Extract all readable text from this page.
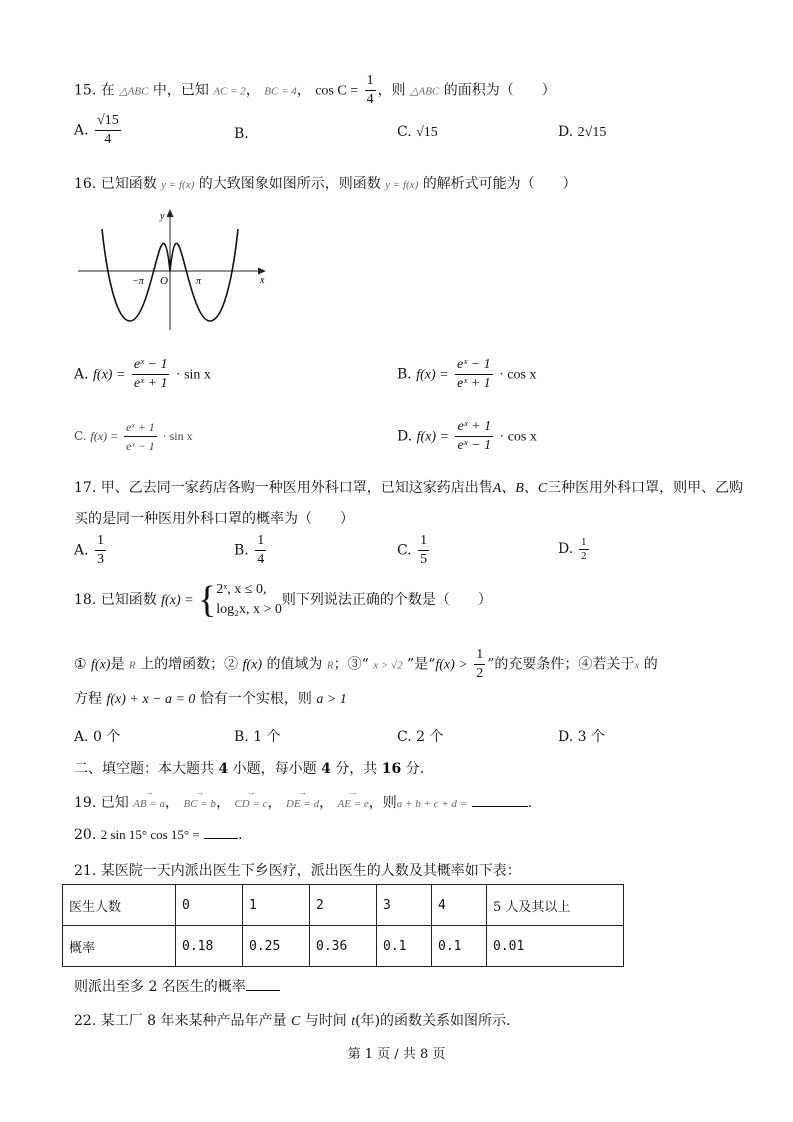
15. 在 △ABC 中，已知 AC = 2， BC = 4， $\cos C = \frac{1}{4}$ ，则 △ABC 的面积为（　　）
A. $\frac{√15}{4}$	B.	C. √15	D. 2√15
16. 已知函数 y = f(x) 的大致图象如图所示，则函数 y = f(x) 的解析式可能为（　　）
y
x
O
−π	π
A. $f(x) = \frac{\text{eˣ − 1}}{\text{eˣ + 1}} \cdot \sin x$	B. $f(x) = \frac{\text{eˣ − 1}}{\text{eˣ + 1}} \cdot \cos x$
C. $f(x) = \frac{\text{eˣ + 1}}{\text{eˣ − 1}} \cdot \sin x$	D. $f(x) = \frac{\text{eˣ + 1}}{\text{eˣ − 1}} \cdot \cos x$
17. 甲、乙去同一家药店各购一种医用外科口罩，已知这家药店出售A、B、C三种医用外科口罩，则甲、乙购
买的是同一种医用外科口罩的概率为（　　）
A. $\frac{1}{3}$	B. $\frac{1}{4}$	C. $\frac{1}{5}$	D. $\frac{1}{2}$
18. 已知函数 f(x) = { 2ˣ, x ≤ 0,
log₂x, x > 0
则下列说法正确的个数是（　　）
① f(x)是 R 上的增函数；② f(x) 的值域为 R；③“ x > √2 ”是“$f(x) > \frac{1}{2}$ ”的充要条件；④若关于x 的
方程 f(x) + x − a = 0 恰有一个实根，则 a > 1
A. 0 个	B. 1 个	C. 2 个	D. 3 个
二、填空题：本大题共 4 小题，每小题 4 分，共 16 分.
19. 已知 → AB = a， → BC = b， → CD = c， → DE = d， → AE = e，则a + b + c + d =	.
20. 2 sin 15° cos 15° =	.
21. 某医院一天内派出医生下乡医疗，派出医生的人数及其概率如下表：
医生人数	0	1	2	3	4	5 人及其以上
概率	0.18	0.25	0.36	0.1	0.1	0.01
则派出至多 2 名医生的概率
22. 某工厂 8 年来某种产品年产量 C 与时间 t(年)的函数关系如图所示.
第 1 页 / 共 8 页
